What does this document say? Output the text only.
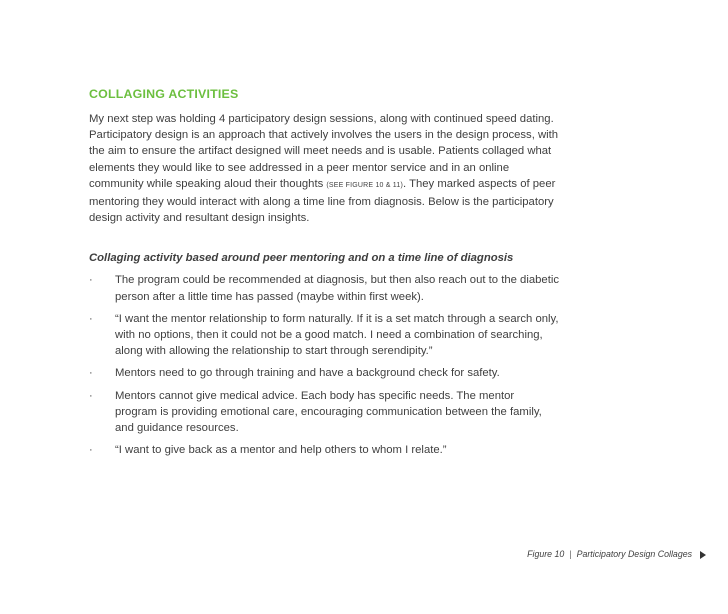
COLLAGING ACTIVITIES

My next step was holding 4 participatory design sessions, along with continued speed dating. Participatory design is an approach that actively involves the users in the design process, with the aim to ensure the artifact designed will meet needs and is usable. Patients collaged what elements they would like to see addressed in a peer mentor service and in an online community while speaking aloud their thoughts (SEE FIGURE 10 & 11). They marked aspects of peer mentoring they would interact with along a time line from diagnosis. Below is the participatory design activity and resultant design insights.

Collaging activity based around peer mentoring and on a time line of diagnosis
·	The program could be recommended at diagnosis, but then also reach out to the diabetic person after a little time has passed (maybe within first week).
·	“I want the mentor relationship to form naturally. If it is a set match through a search only, with no options, then it could not be a good match. I need a combination of searching, along with allowing the relationship to start through serendipity.”
·	Mentors need to go through training and have a background check for safety.
·	Mentors cannot give medical advice. Each body has specific needs. The mentor program is providing emotional care, encouraging communication between the family, and guidance resources.
·	“I want to give back as a mentor and help others to whom I relate.”
Figure 10 | Participatory Design Collages
